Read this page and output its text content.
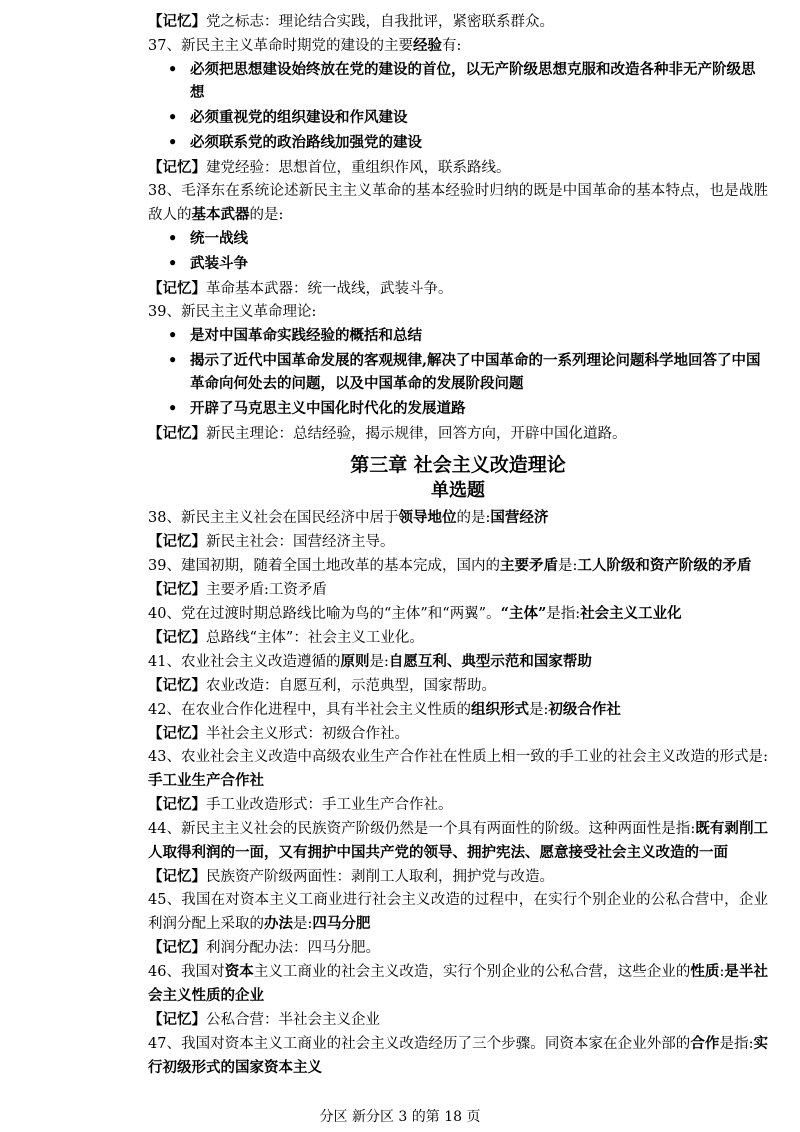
【记忆】党之标志：理论结合实践，自我批评，紧密联系群众。

37、新民主主义革命时期党的建设的主要经验有:

• 必须把思想建设始终放在党的建设的首位，以无产阶级思想克服和改造各种非无产阶级思想
• 必须重视党的组织建设和作风建设
• 必须联系党的政治路线加强党的建设

【记忆】建党经验：思想首位，重组织作风，联系路线。

38、毛泽东在系统论述新民主主义革命的基本经验时归纳的既是中国革命的基本特点，也是战胜敌人的基本武器的是:

• 统一战线
• 武装斗争

【记忆】革命基本武器：统一战线，武装斗争。

39、新民主主义革命理论:

• 是对中国革命实践经验的概括和总结
• 揭示了近代中国革命发展的客观规律,解决了中国革命的一系列理论问题科学地回答了中国革命向何处去的问题，以及中国革命的发展阶段问题
• 开辟了马克思主义中国化时代化的发展道路

【记忆】新民主理论：总结经验，揭示规律，回答方向，开辟中国化道路。

第三章 社会主义改造理论
单选题

38、新民主主义社会在国民经济中居于领导地位的是:国营经济

【记忆】新民主社会：国营经济主导。

39、建国初期，随着全国土地改革的基本完成，国内的主要矛盾是:工人阶级和资产阶级的矛盾

【记忆】主要矛盾:工资矛盾

40、党在过渡时期总路线比喻为鸟的“主体”和“两翼”。“主体”是指:社会主义工业化

【记忆】总路线“主体”：社会主义工业化。

41、农业社会主义改造遵循的原则是:自愿互利、典型示范和国家帮助

【记忆】农业改造：自愿互利，示范典型，国家帮助。

42、在农业合作化进程中，具有半社会主义性质的组织形式是:初级合作社

【记忆】半社会主义形式：初级合作社。

43、农业社会主义改造中高级农业生产合作社在性质上相一致的手工业的社会主义改造的形式是:手工业生产合作社

【记忆】手工业改造形式：手工业生产合作社。

44、新民主主义社会的民族资产阶级仍然是一个具有两面性的阶级。这种两面性是指:既有剥削工人取得利润的一面，又有拥护中国共产党的领导、拥护宪法、愿意接受社会主义改造的一面

【记忆】民族资产阶级两面性：剥削工人取利，拥护党与改造。

45、我国在对资本主义工商业进行社会主义改造的过程中，在实行个别企业的公私合营中，企业利润分配上采取的办法是:四马分肥

【记忆】利润分配办法：四马分肥。

46、我国对资本主义工商业的社会主义改造，实行个别企业的公私合营，这些企业的性质:是半社会主义性质的企业

【记忆】公私合营：半社会主义企业

47、我国对资本主义工商业的社会主义改造经历了三个步骤。同资本家在企业外部的合作是指:实行初级形式的国家资本主义

分区 新分区 3 的第 18 页
